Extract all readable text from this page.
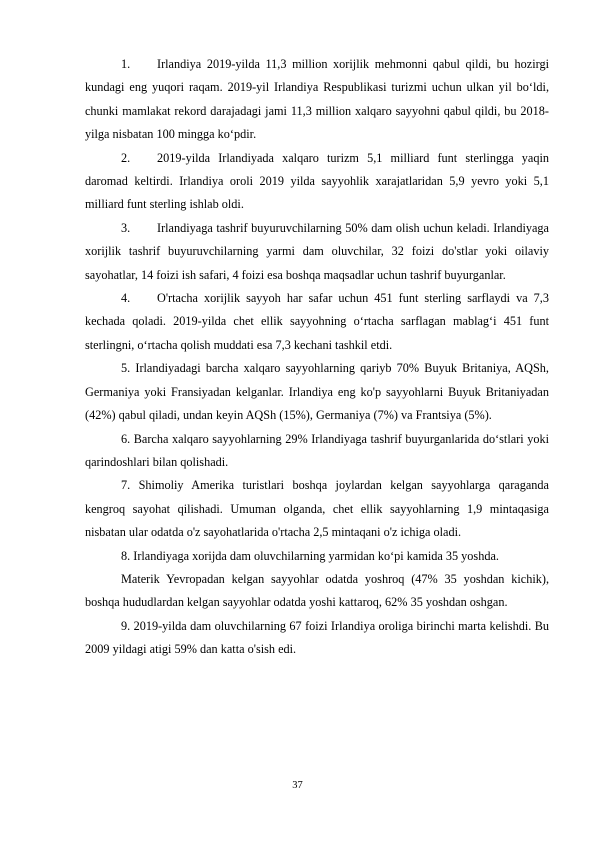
1. Irlandiya 2019-yilda 11,3 million xorijlik mehmonni qabul qildi, bu hozirgi kundagi eng yuqori raqam. 2019-yil Irlandiya Respublikasi turizmi uchun ulkan yil bo‘ldi, chunki mamlakat rekord darajadagi jami 11,3 million xalqaro sayyohni qabul qildi, bu 2018-yilga nisbatan 100 mingga ko‘pdir.
2. 2019-yilda Irlandiyada xalqaro turizm 5,1 milliard funt sterlingga yaqin daromad keltirdi. Irlandiya oroli 2019 yilda sayyohlik xarajatlaridan 5,9 yevro yoki 5,1 milliard funt sterling ishlab oldi.
3. Irlandiyaga tashrif buyuruvchilarning 50% dam olish uchun keladi. Irlandiyaga xorijlik tashrif buyuruvchilarning yarmi dam oluvchilar, 32 foizi do'stlar yoki oilaviy sayohatlar, 14 foizi ish safari, 4 foizi esa boshqa maqsadlar uchun tashrif buyurganlar.
4. O'rtacha xorijlik sayyoh har safar uchun 451 funt sterling sarflaydi va 7,3 kechada qoladi. 2019-yilda chet ellik sayyohning o‘rtacha sarflagan mablag‘i 451 funt sterlingni, o‘rtacha qolish muddati esa 7,3 kechani tashkil etdi.

5. Irlandiyadagi barcha xalqaro sayyohlarning qariyb 70% Buyuk Britaniya, AQSh, Germaniya yoki Fransiyadan kelganlar. Irlandiya eng ko'p sayyohlarni Buyuk Britaniyadan (42%) qabul qiladi, undan keyin AQSh (15%), Germaniya (7%) va Frantsiya (5%).

6. Barcha xalqaro sayyohlarning 29% Irlandiyaga tashrif buyurganlarida do‘stlari yoki qarindoshlari bilan qolishadi.

7. Shimoliy Amerika turistlari boshqa joylardan kelgan sayyohlarga qaraganda kengroq sayohat qilishadi. Umuman olganda, chet ellik sayyohlarning 1,9 mintaqasiga nisbatan ular odatda o'z sayohatlarida o'rtacha 2,5 mintaqani o'z ichiga oladi.

8. Irlandiyaga xorijda dam oluvchilarning yarmidan ko‘pi kamida 35 yoshda.

Materik Yevropadan kelgan sayyohlar odatda yoshroq (47% 35 yoshdan kichik), boshqa hududlardan kelgan sayyohlar odatda yoshi kattaroq, 62% 35 yoshdan oshgan.

9. 2019-yilda dam oluvchilarning 67 foizi Irlandiya oroliga birinchi marta kelishdi. Bu 2009 yildagi atigi 59% dan katta o'sish edi.

37
